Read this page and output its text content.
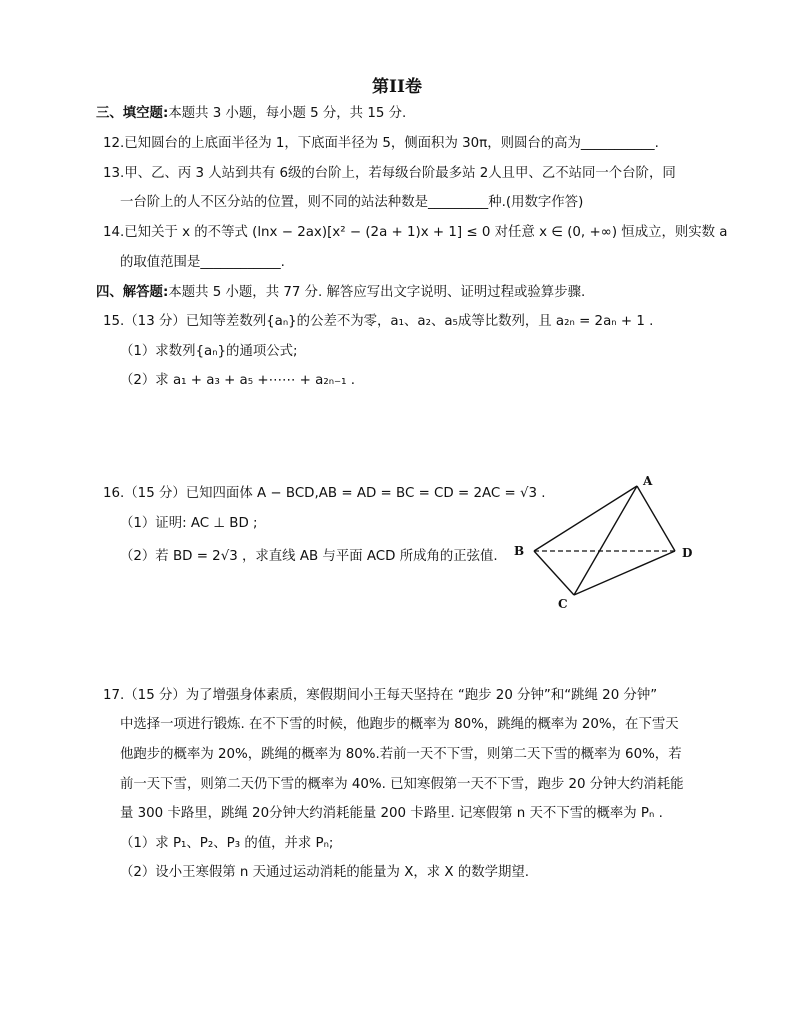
第II卷
三、填空题:本题共 3 小题，每小题 5 分，共 15 分.
12.已知圆台的上底面半径为 1，下底面半径为 5，侧面积为 30π，则圆台的高为___________.
13.甲、乙、丙 3 人站到共有 6级的台阶上，若每级台阶最多站 2人且甲、乙不站同一个台阶，同
一台阶上的人不区分站的位置，则不同的站法种数是_________种.(用数字作答)
14.已知关于 x 的不等式 (lnx − 2ax)[x² − (2a + 1)x + 1] ≤ 0 对任意 x ∈ (0, +∞) 恒成立，则实数 a
的取值范围是____________.
四、解答题:本题共 5 小题，共 77 分. 解答应写出文字说明、证明过程或验算步骤.
15.（13 分）已知等差数列{aₙ}的公差不为零，a₁、a₂、a₅成等比数列，且 a₂ₙ = 2aₙ + 1 .
（1）求数列{aₙ}的通项公式;
（2）求 a₁ + a₃ + a₅ +⋯⋯ + a₂ₙ₋₁ .
16.（15 分）已知四面体 A − BCD,AB = AD = BC = CD = 2AC = √3 .
（1）证明: AC ⊥ BD ;
（2）若 BD = 2√3 ，求直线 AB 与平面 ACD 所成角的正弦值.
A
B
C
D
17.（15 分）为了增强身体素质，寒假期间小王每天坚持在 “跑步 20 分钟”和“跳绳 20 分钟”
中选择一项进行锻炼. 在不下雪的时候，他跑步的概率为 80%，跳绳的概率为 20%，在下雪天
他跑步的概率为 20%，跳绳的概率为 80%.若前一天不下雪，则第二天下雪的概率为 60%，若
前一天下雪，则第二天仍下雪的概率为 40%. 已知寒假第一天不下雪，跑步 20 分钟大约消耗能
量 300 卡路里，跳绳 20分钟大约消耗能量 200 卡路里. 记寒假第 n 天不下雪的概率为 Pₙ .
（1）求 P₁、P₂、P₃ 的值，并求 Pₙ;
（2）设小王寒假第 n 天通过运动消耗的能量为 X，求 X 的数学期望.
